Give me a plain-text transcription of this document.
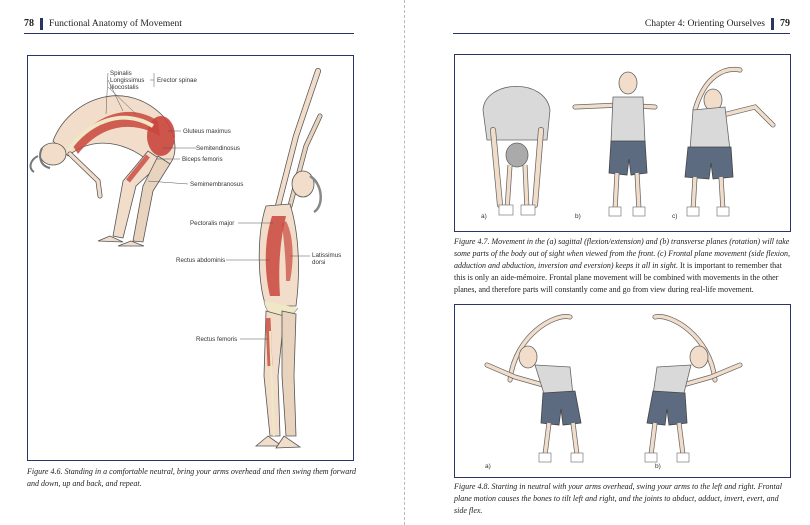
78 Functional Anatomy of Movement
Spinalis
Longissimus
Iliocostalis
Erector spinae
Gluteus maximus
Semitendinosus
Biceps femoris
Semimembranosus
Pectoralis major
Rectus abdominis
Latissimus
dorsi
Rectus femoris
Figure 4.6. Standing in a comfortable neutral, bring your arms overhead and then swing them forward and down, up and back, and repeat.
Chapter 4: Orienting Ourselves 79
a)	b)	c)
Figure 4.7. Movement in the (a) sagittal (flexion/extension) and (b) transverse planes (rotation) will take some parts of the body out of sight when viewed from the front. (c) Frontal plane movement (side flexion, adduction and abduction, inversion and eversion) keeps it all in sight. It is important to remember that this is only an aide-mémoire. Frontal plane movement will be combined with movements in the other planes, and therefore parts will constantly come and go from view during real-life movement.
a)	b)
Figure 4.8. Starting in neutral with your arms overhead, swing your arms to the left and right. Frontal plane motion causes the bones to tilt left and right, and the joints to abduct, adduct, invert, evert, and side flex.
